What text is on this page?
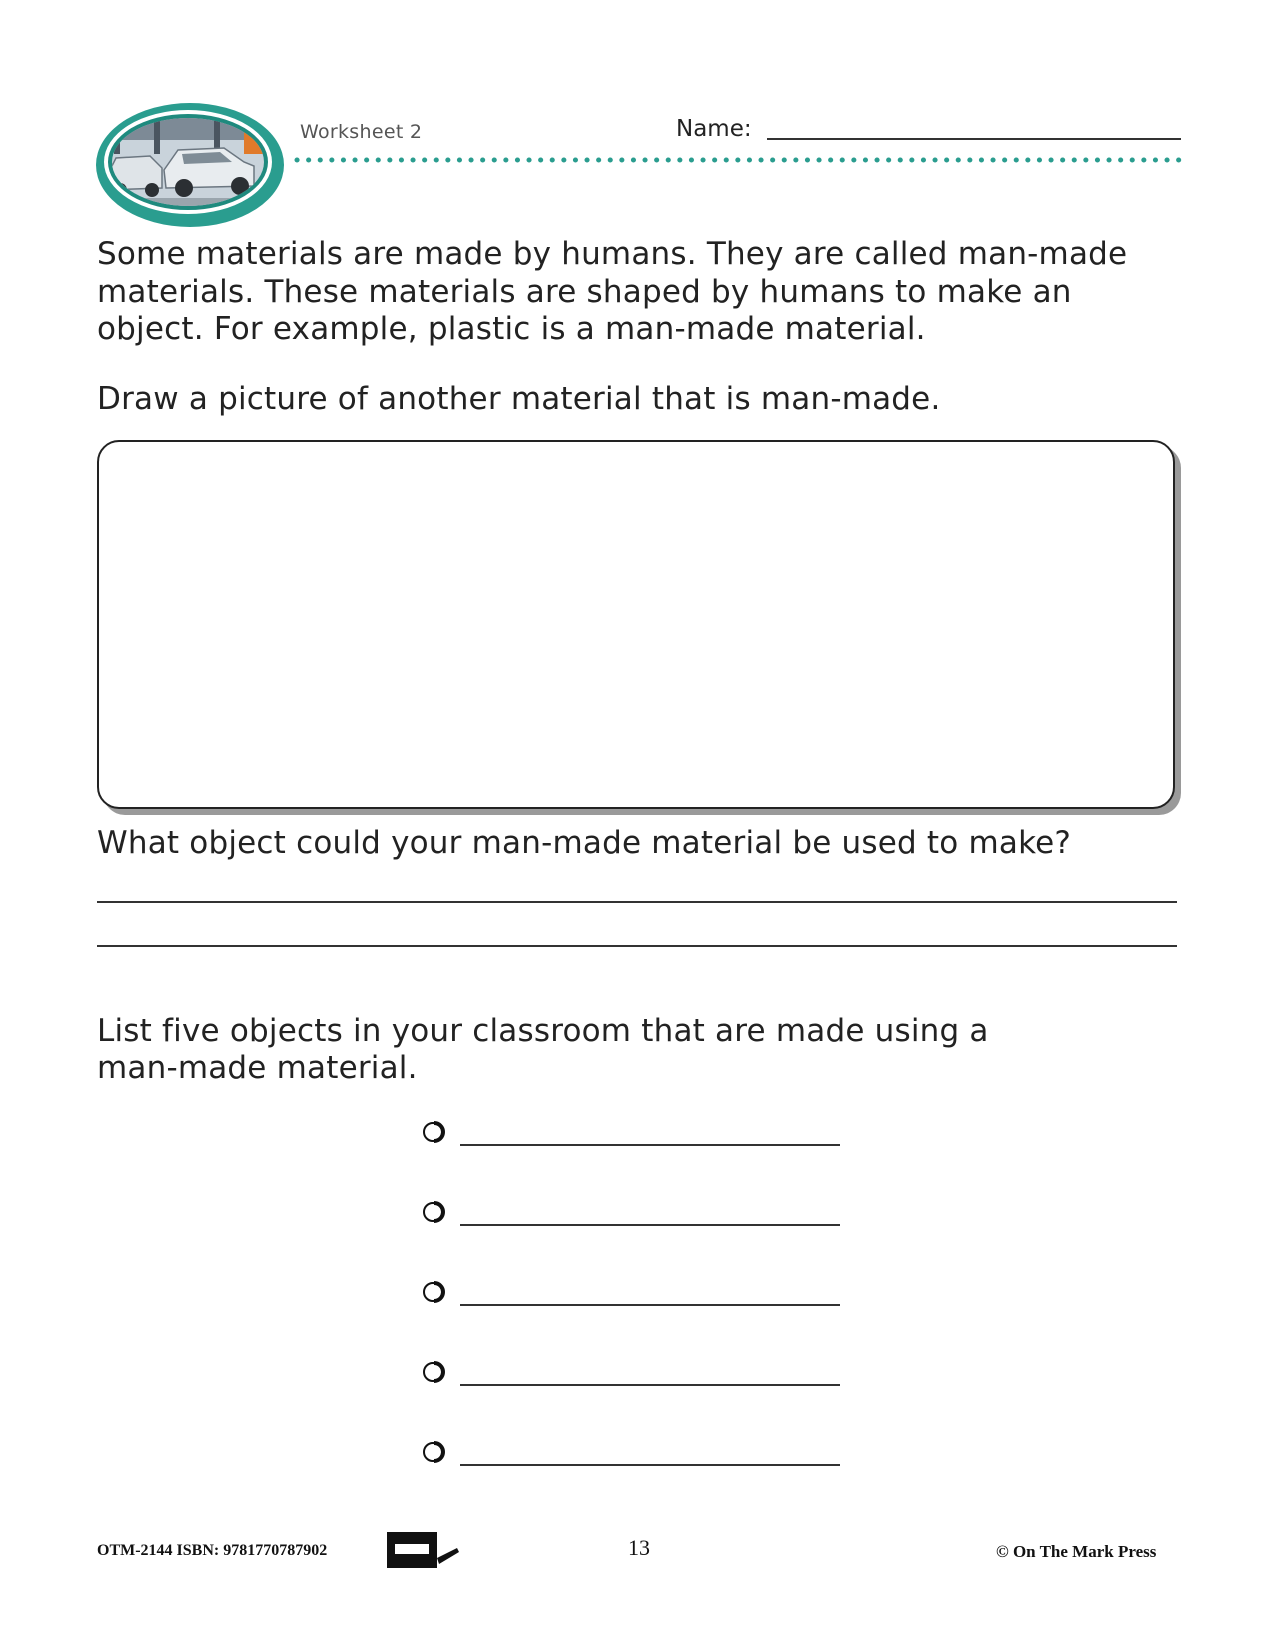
Worksheet 2	Name:
Some materials are made by humans. They are called man-made
materials. These materials are shaped by humans to make an
object. For example, plastic is a man-made material.
Draw a picture of another material that is man-made.
What object could your man-made material be used to make?
List five objects in your classroom that are made using a
man-made material.
OTM-2144 ISBN: 9781770787902	13	© On The Mark Press
